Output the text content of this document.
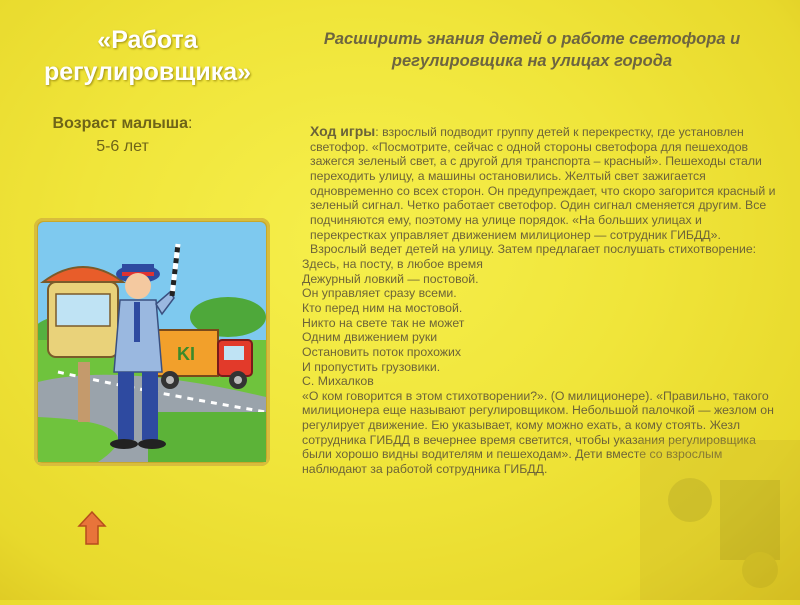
«Работа
регулировщика»
Возраст малыша:
5-6 лет
Расширить знания детей о работе светофора и регулировщика на улицах города

Ход игры: взрослый подводит группу детей к перекрестку, где установлен светофор. «Посмотрите, сейчас с одной стороны светофора для пешеходов зажегся зеленый свет, а с другой для транспорта – красный». Пешеходы стали переходить улицу, а машины остановились. Желтый свет зажигается одновременно со всех сторон. Он предупреждает, что скоро загорится красный и зеленый сигнал. Четко работает светофор. Один сигнал сменяется другим. Все подчиняются ему, поэтому на улице порядок. «На больших улицах и перекрестках управляет движением милиционер — сотрудник ГИБДД». Взрослый ведет детей на улицу. Затем предлагает послушать стихотворение:

Здесь, на посту, в любое время

Дежурный ловкий — постовой.

Он управляет сразу всеми.

Кто перед ним на мостовой.

Никто на свете так не может

Одним движением руки

Остановить поток прохожих

И пропустить грузовики.

С. Михалков

«О ком говорится в этом стихотворении?». (О милиционере). «Правильно, такого милиционера еще называют регулировщиком. Небольшой палочкой — жезлом он регулирует движение. Ею указывает, кому можно ехать, а кому стоять. Жезл сотрудника ГИБДД в вечернее время светится, чтобы указания регулировщика были хорошо видны водителям и пешеходам». Дети вместе со взрослым наблюдают за работой сотрудника ГИБДД.

KI
